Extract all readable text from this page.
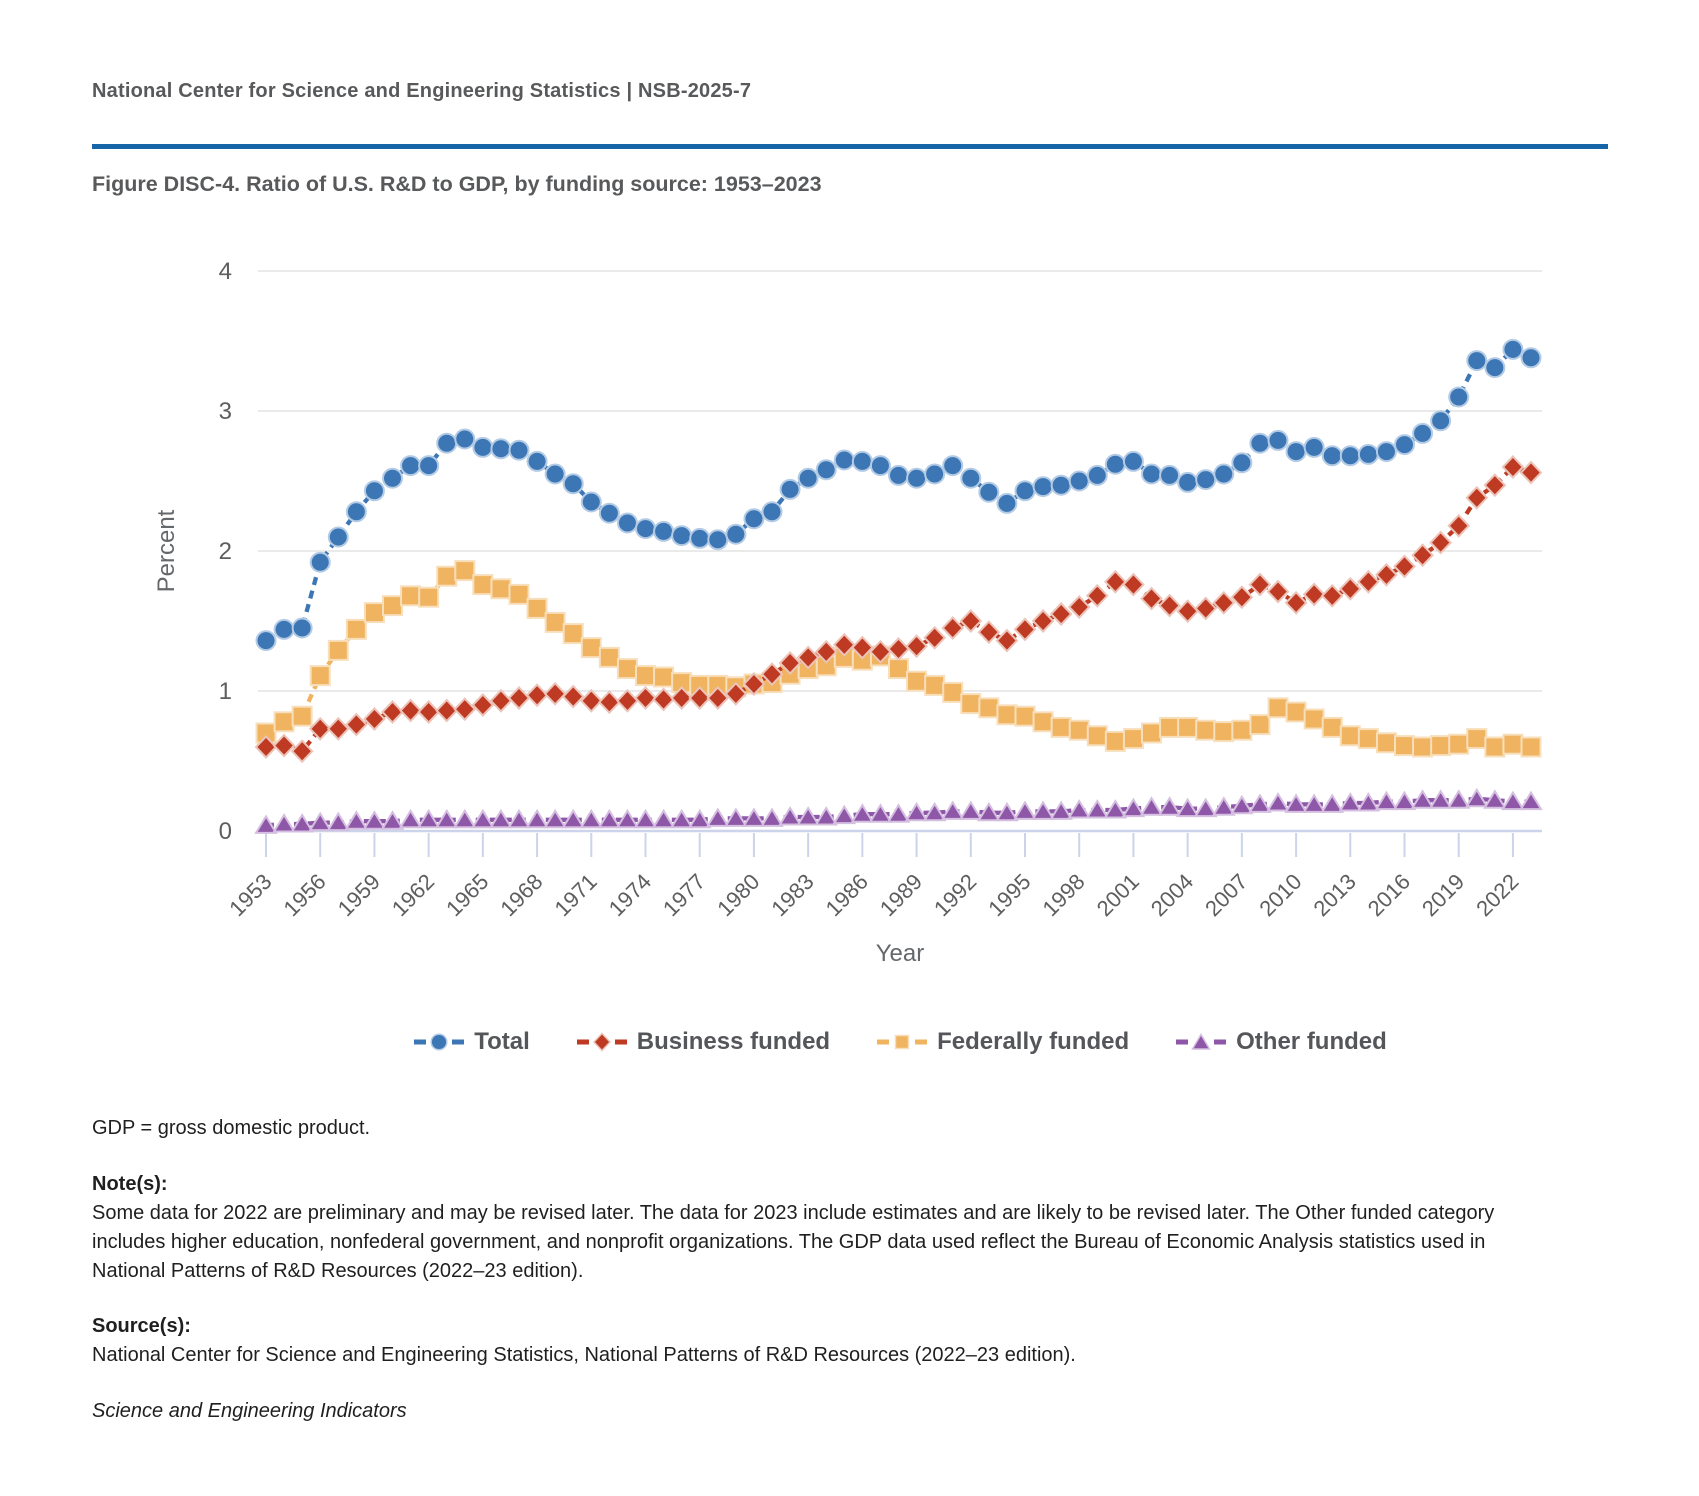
National Center for Science and Engineering Statistics | NSB-2025-7
Figure DISC-4. Ratio of U.S. R&D to GDP, by funding source: 1953–2023
1953 1956 1959 1962 1965 1968 1971 1974 1977 1980 1983 1986 1989 1992 1995 1998 2001 2004 2007 2010 2013 2016 2019 2022
0
1
2
3
4
Percent
Year
Total	Business funded	Federally funded	Other funded

GDP = gross domestic product.

Note(s):

Some data for 2022 are preliminary and may be revised later. The data for 2023 include estimates and are likely to be revised later. The Other funded category includes higher education, nonfederal government, and nonprofit organizations. The GDP data used reflect the Bureau of Economic Analysis statistics used in National Patterns of R&D Resources (2022–23 edition).

Source(s):

National Center for Science and Engineering Statistics, National Patterns of R&D Resources (2022–23 edition).

Science and Engineering Indicators
